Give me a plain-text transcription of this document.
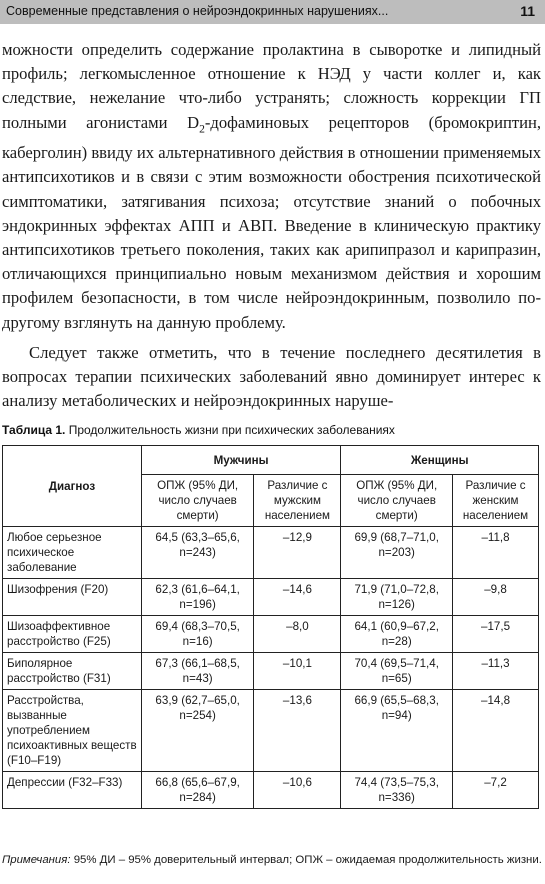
Современные представления о нейроэндокринных нарушениях...	11

можности определить содержание пролактина в сыворотке и липидный профиль; легкомысленное отношение к НЭД у части коллег и, как следствие, нежелание что-либо устранять; сложность коррекции ГП полными агонистами $D_2$-дофаминовых рецепторов (бромокриптин, каберголин) ввиду их альтернативного действия в отношении применяемых антипсихотиков и в связи с этим возможности обострения психотической симптоматики, затягивания психоза; отсутствие знаний о побочных эндокринных эффектах АПП и АВП. Введение в клиническую практику антипсихотиков третьего поколения, таких как арипипразол и карипразин, отличающихся принципиально новым механизмом действия и хорошим профилем безопасности, в том числе нейроэндокринным, позволило по-другому взглянуть на данную проблему.

Следует также отметить, что в течение последнего десятилетия в вопросах терапии психических заболеваний явно доминирует интерес к анализу метаболических и нейроэндокринных наруше-

Таблица 1. Продолжительность жизни при психических заболеваниях
Диагноз	Мужчины		Женщины	
	ОПЖ (95% ДИ, число случаев смерти)	Различие с мужским населением	ОПЖ (95% ДИ, число случаев смерти)	Различие с женским населением
Любое серьезное психическое заболевание	64,5 (63,3–65,6, n=243)	–12,9	69,9 (68,7–71,0, n=203)	–11,8
Шизофрения (F20)	62,3 (61,6–64,1, n=196)	–14,6	71,9 (71,0–72,8, n=126)	–9,8
Шизоаффективное расстройство (F25)	69,4 (68,3–70,5, n=16)	–8,0	64,1 (60,9–67,2, n=28)	–17,5
Биполярное расстройство (F31)	67,3 (66,1–68,5, n=43)	–10,1	70,4 (69,5–71,4, n=65)	–11,3
Расстройства, вызванные употреблением психоактивных веществ (F10–F19)	63,9 (62,7–65,0, n=254)	–13,6	66,9 (65,5–68,3, n=94)	–14,8
Депрессии (F32–F33)	66,8 (65,6–67,9, n=284)	–10,6	74,4 (73,5–75,3, n=336)	–7,2
Примечания: 95% ДИ – 95% доверительный интервал; ОПЖ – ожидаемая продолжительность жизни.
